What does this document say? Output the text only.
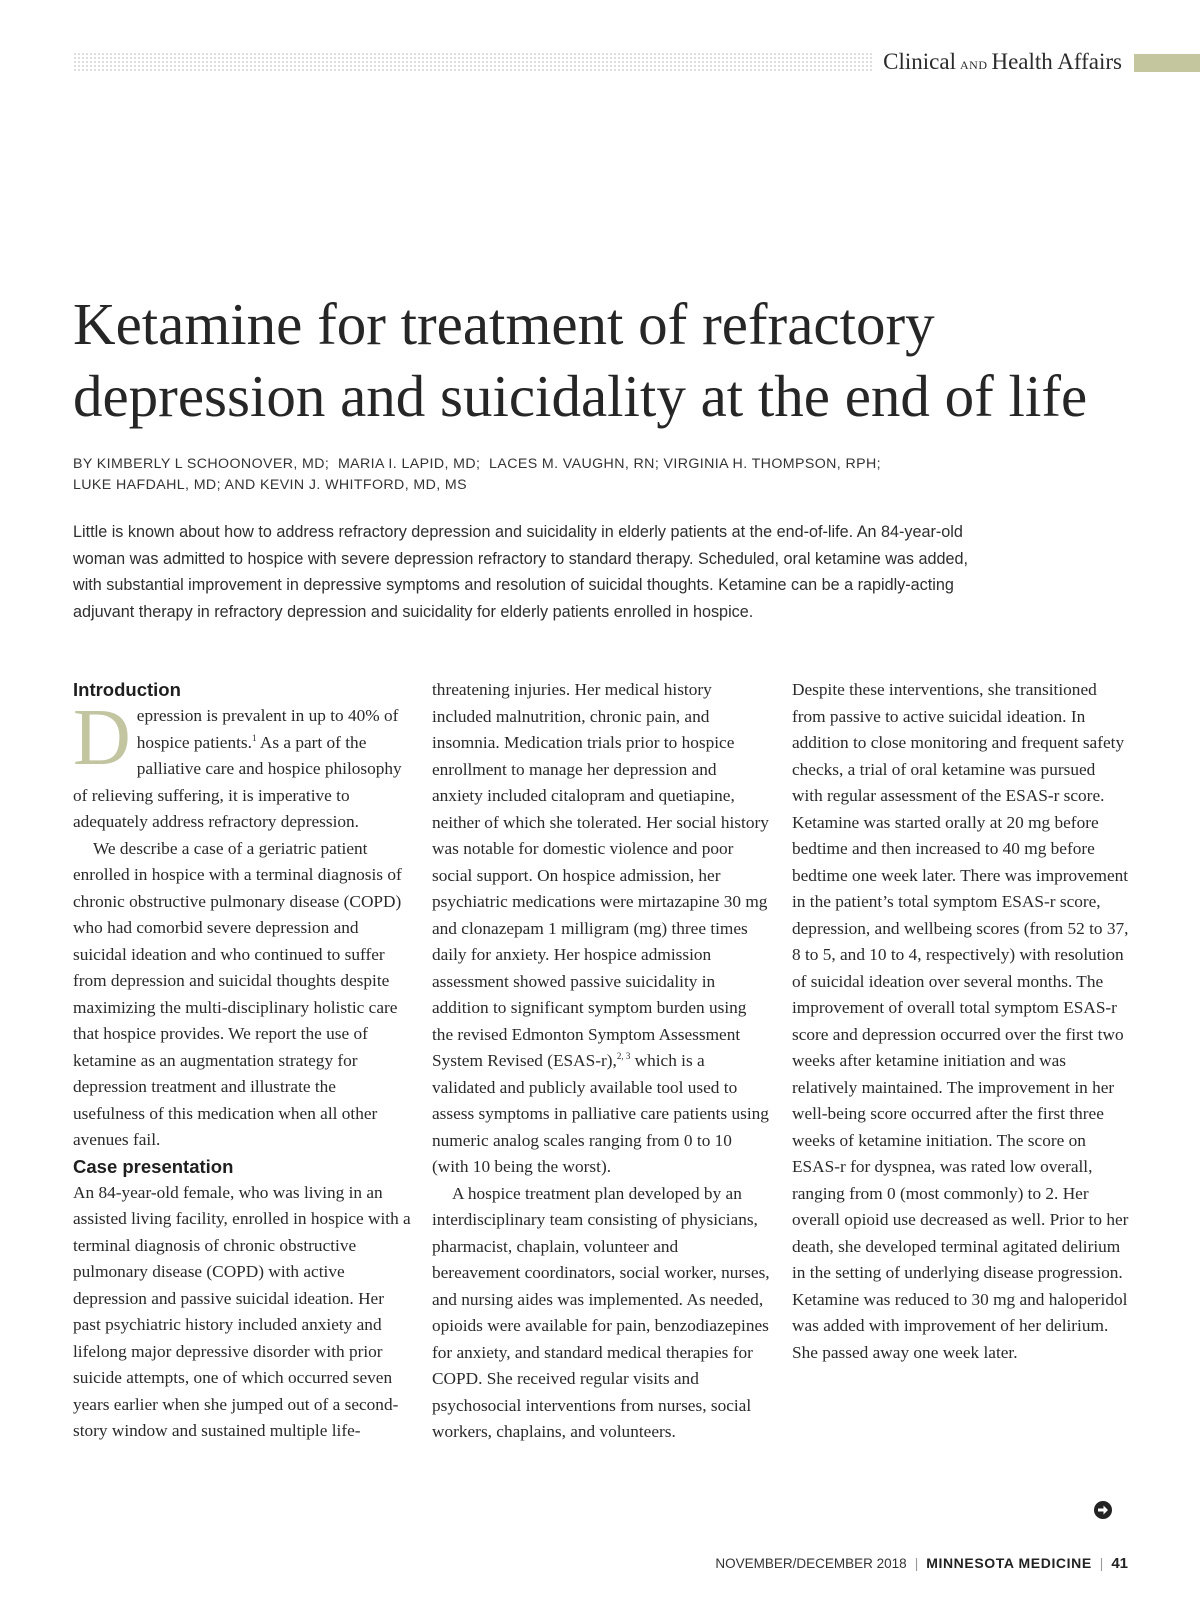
Clinical AND Health Affairs
Ketamine for treatment of refractory depression and suicidality at the end of life
BY KIMBERLY L SCHOONOVER, MD;  MARIA I. LAPID, MD;  LACES M. VAUGHN, RN; VIRGINIA H. THOMPSON, RPH;
LUKE HAFDAHL, MD; AND KEVIN J. WHITFORD, MD, MS
Little is known about how to address refractory depression and suicidality in elderly patients at the end-of-life. An 84-year-old woman was admitted to hospice with severe depression refractory to standard therapy. Scheduled, oral ketamine was added, with substantial improvement in depressive symptoms and resolution of suicidal thoughts. Ketamine can be a rapidly-acting adjuvant therapy in refractory depression and suicidality for elderly patients enrolled in hospice.

Introduction

Depression is prevalent in up to 40% of hospice patients.$^1$ As a part of the palliative care and hospice philosophy of relieving suffering, it is imperative to adequately address refractory depression.

We describe a case of a geriatric patient enrolled in hospice with a terminal diagnosis of chronic obstructive pulmonary disease (COPD) who had comorbid severe depression and suicidal ideation and who continued to suffer from depression and suicidal thoughts despite maximizing the multi-disciplinary holistic care that hospice provides. We report the use of ketamine as an augmentation strategy for depression treatment and illustrate the usefulness of this medication when all other avenues fail.

Case presentation

An 84-year-old female, who was living in an assisted living facility, enrolled in hospice with a terminal diagnosis of chronic obstructive pulmonary disease (COPD) with active depression and passive suicidal ideation. Her past psychiatric history included anxiety and lifelong major depressive disorder with prior suicide attempts, one of which occurred seven years earlier when she jumped out of a second-story window and sustained multiple life-

threatening injuries. Her medical history included malnutrition, chronic pain, and insomnia. Medication trials prior to hospice enrollment to manage her depression and anxiety included citalopram and quetiapine, neither of which she tolerated. Her social history was notable for domestic violence and poor social support. On hospice admission, her psychiatric medications were mirtazapine 30 mg and clonazepam 1 milligram (mg) three times daily for anxiety. Her hospice admission assessment showed passive suicidality in addition to significant symptom burden using the revised Edmonton Symptom Assessment System Revised (ESAS-r),$^{2, 3}$ which is a validated and publicly available tool used to assess symptoms in palliative care patients using numeric analog scales ranging from 0 to 10 (with 10 being the worst).

A hospice treatment plan developed by an interdisciplinary team consisting of physicians, pharmacist, chaplain, volunteer and bereavement coordinators, social worker, nurses, and nursing aides was implemented. As needed, opioids were available for pain, benzodiazepines for anxiety, and standard medical therapies for COPD. She received regular visits and psychosocial interventions from nurses, social workers, chaplains, and volunteers.

Despite these interventions, she transitioned from passive to active suicidal ideation. In addition to close monitoring and frequent safety checks, a trial of oral ketamine was pursued with regular assessment of the ESAS-r score. Ketamine was started orally at 20 mg before bedtime and then increased to 40 mg before bedtime one week later. There was improvement in the patient’s total symptom ESAS-r score, depression, and wellbeing scores (from 52 to 37, 8 to 5, and 10 to 4, respectively) with resolution of suicidal ideation over several months. The improvement of overall total symptom ESAS-r score and depression occurred over the first two weeks after ketamine initiation and was relatively maintained. The improvement in her well-being score occurred after the first three weeks of ketamine initiation. The score on ESAS-r for dyspnea, was rated low overall, ranging from 0 (most commonly) to 2. Her overall opioid use decreased as well. Prior to her death, she developed terminal agitated delirium in the setting of underlying disease progression. Ketamine was reduced to 30 mg and haloperidol was added with improvement of her delirium. She passed away one week later.

NOVEMBER/DECEMBER 2018 | MINNESOTA MEDICINE | 41
